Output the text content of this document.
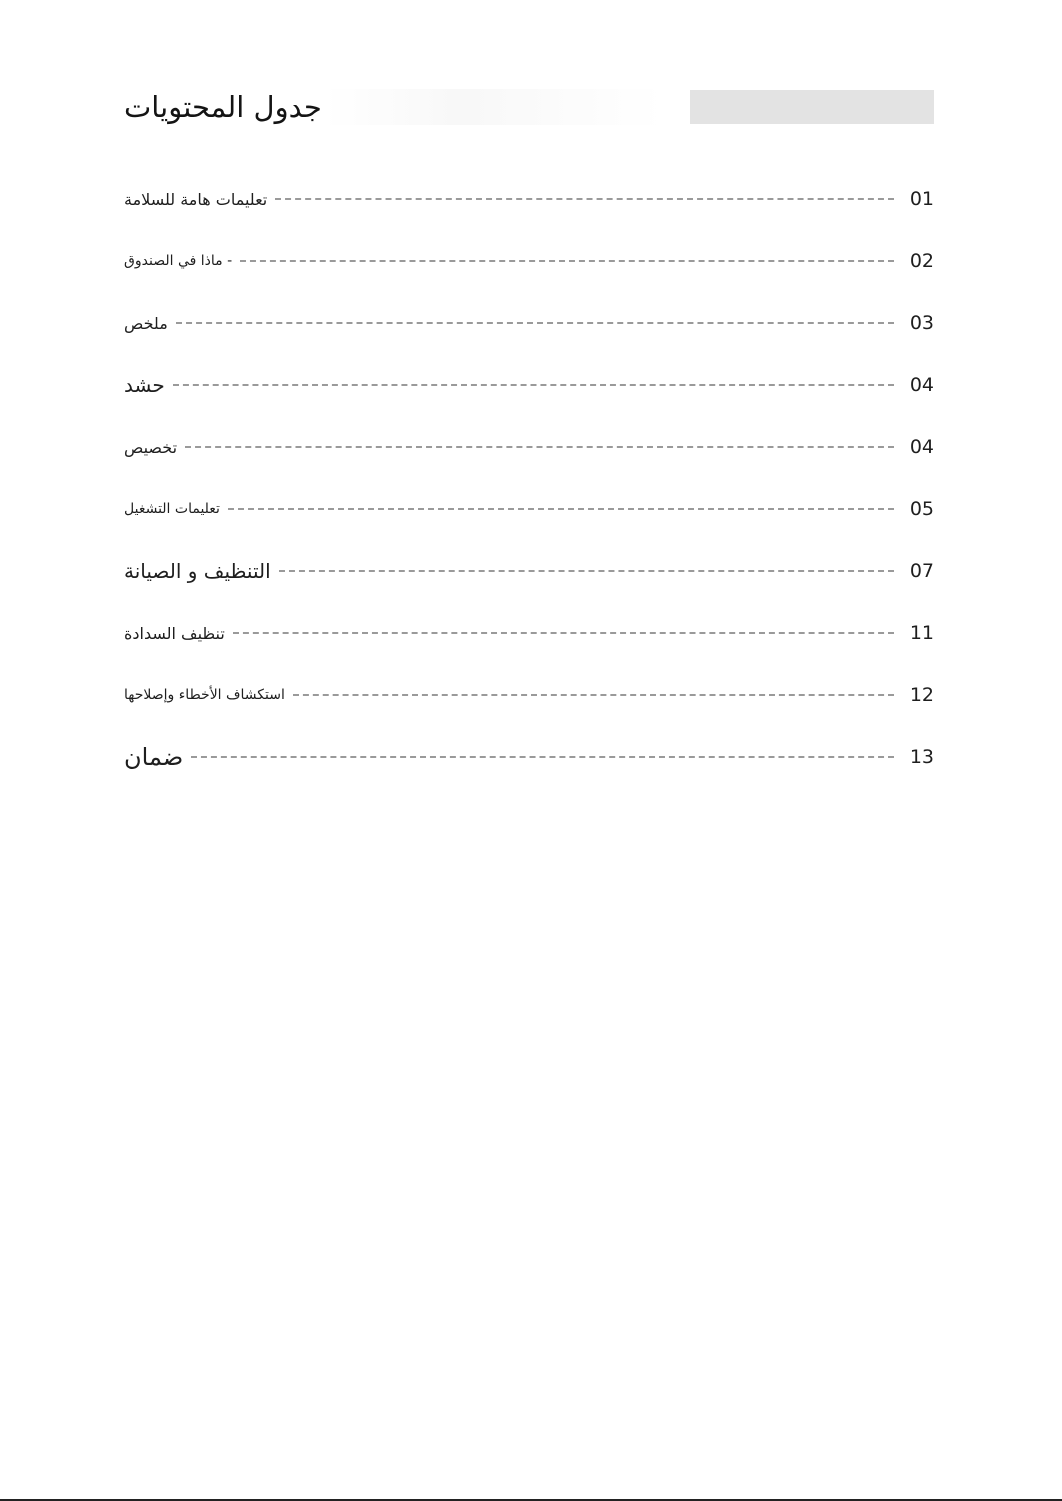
جدول المحتويات
تعليمات هامة للسلامة	01
- ماذا في الصندوق	02
ملخص	03
حشد	04
تخصيص	04
تعليمات التشغيل	05
التنظيف و الصيانة	07
تنظيف السدادة	11
استكشاف الأخطاء وإصلاحها	12
ضمان	13
